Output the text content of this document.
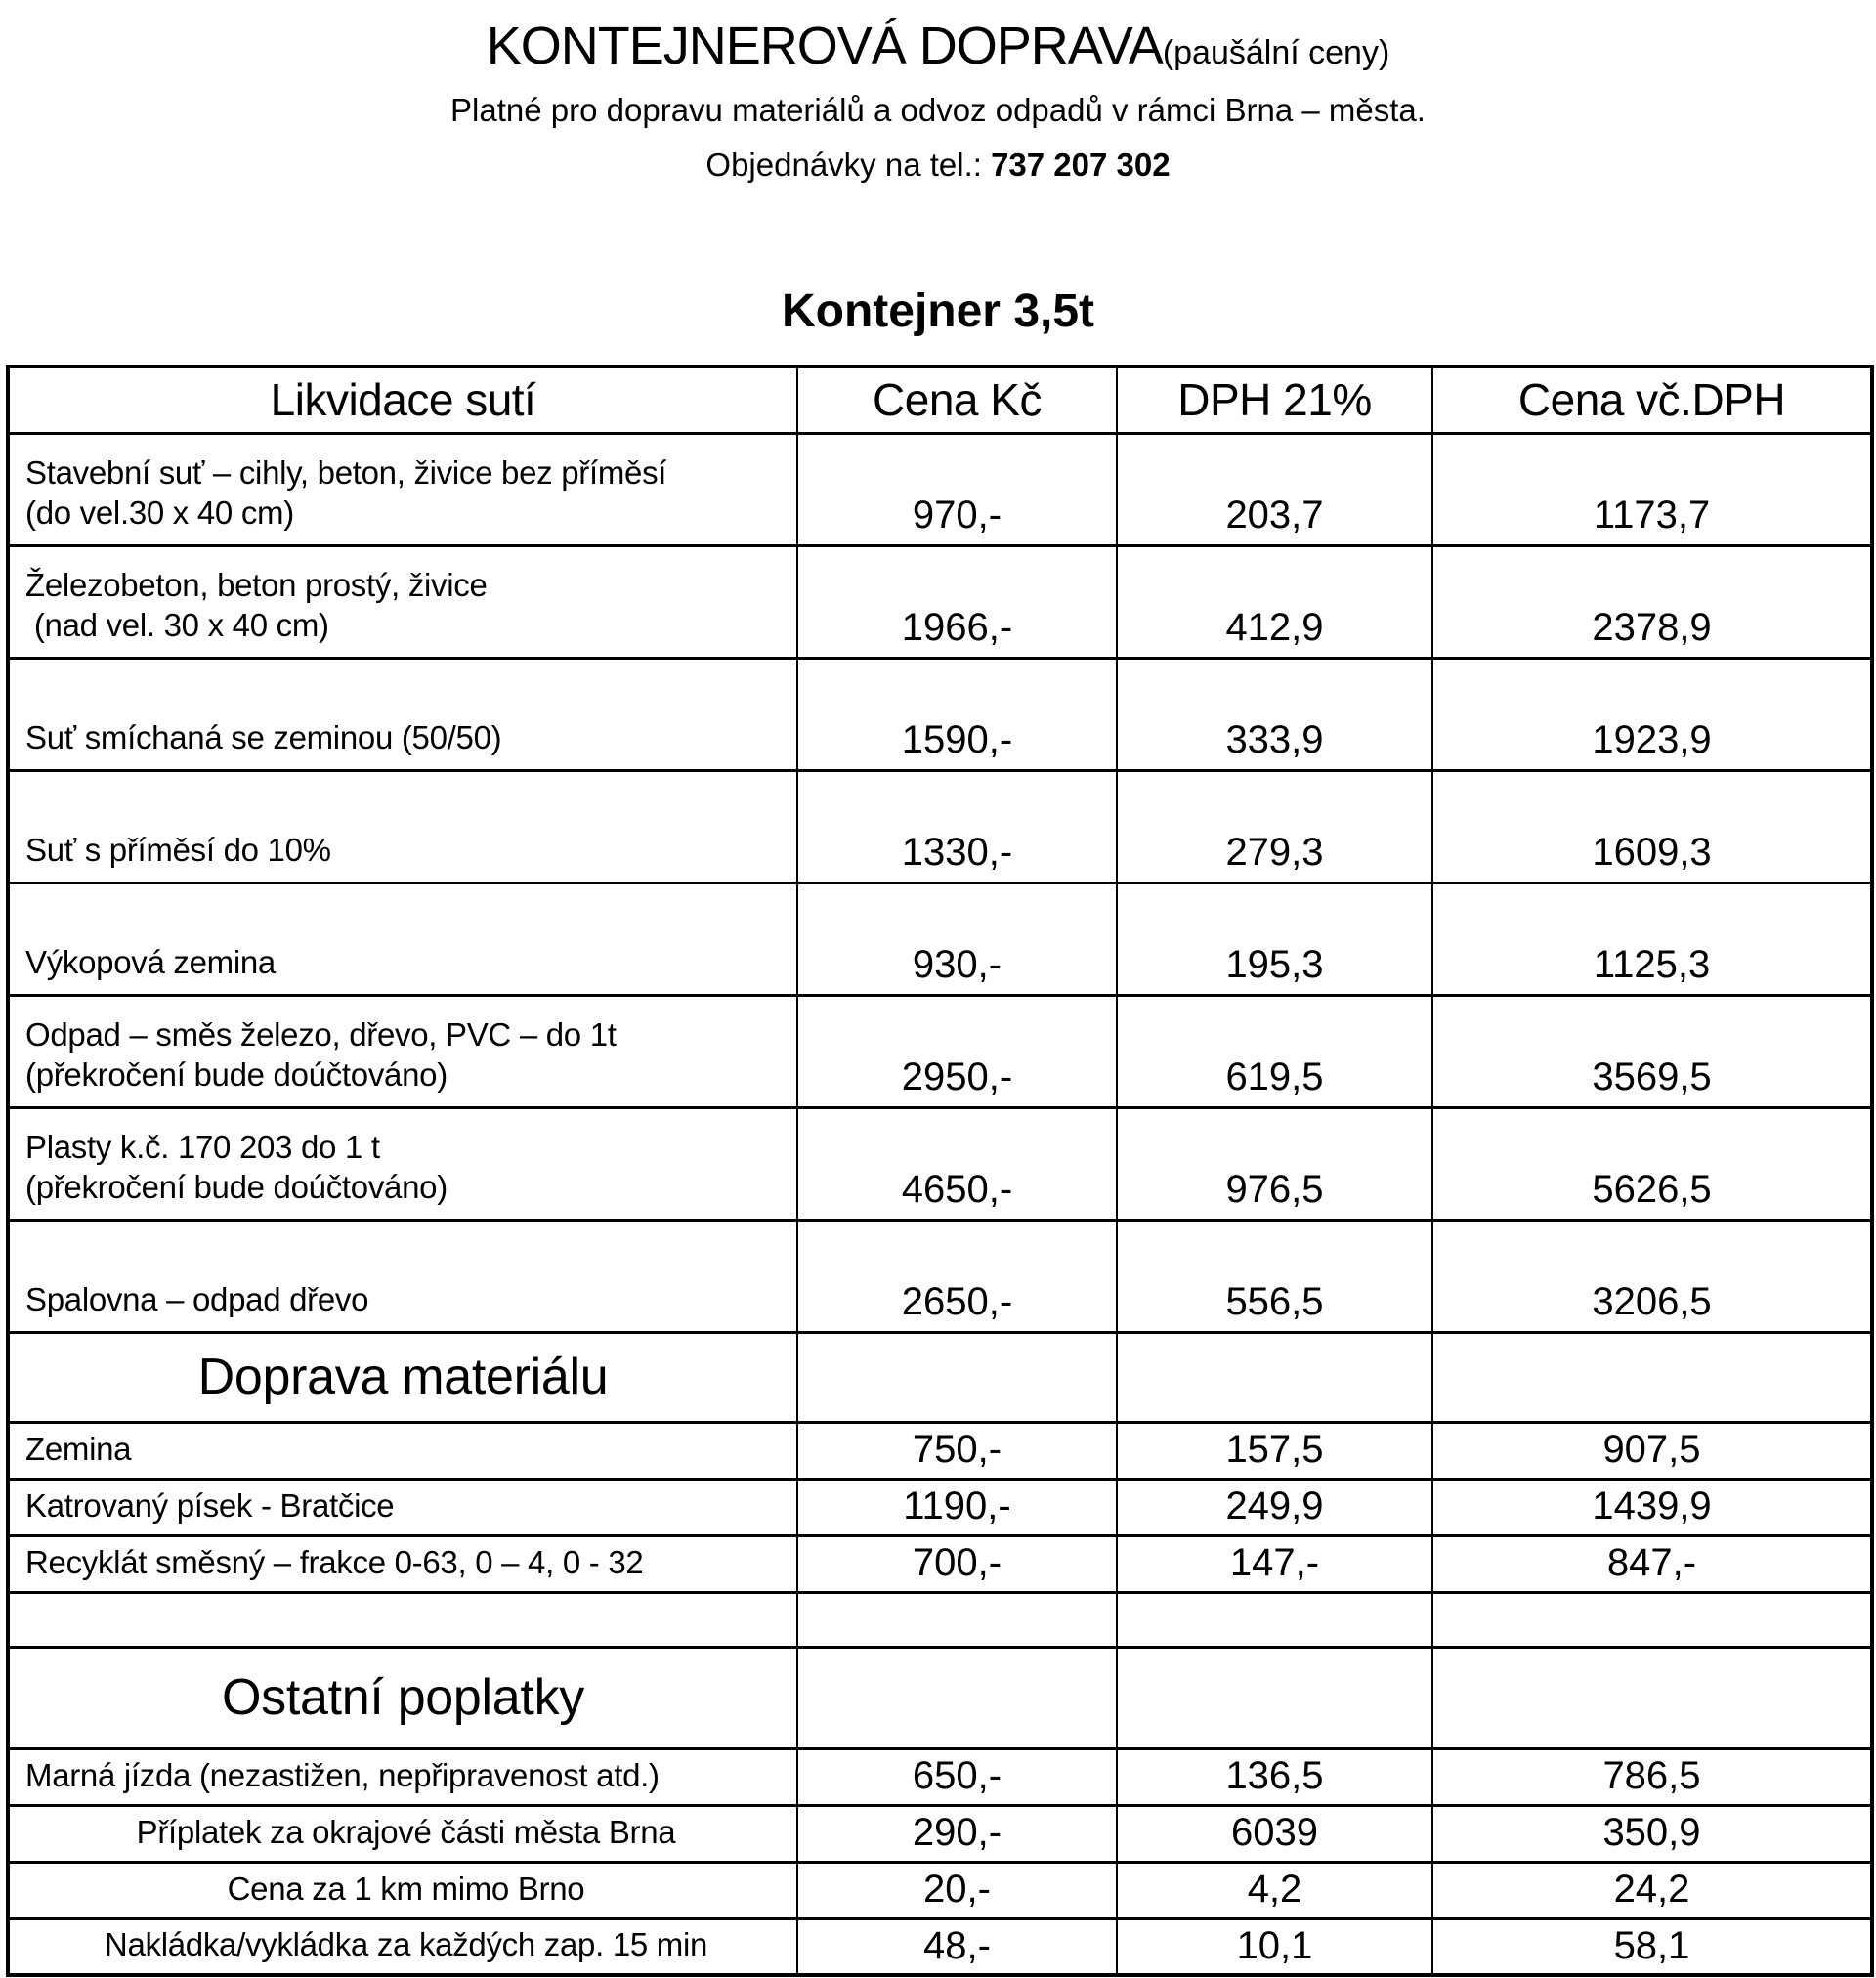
KONTEJNEROVÁ DOPRAVA(paušální ceny)
Platné pro dopravu materiálů a odvoz odpadů v rámci Brna – města.
Objednávky na tel.: 737 207 302
Kontejner 3,5t
Likvidace sutí	Cena Kč	DPH 21%	Cena vč.DPH

Stavební suť – cihly, beton, živice bez příměsí
(do vel.30 x 40 cm)	970,-	203,7	1173,7

Železobeton, beton prostý, živice
(nad vel. 30 x 40 cm)	1966,-	412,9	2378,9

Suť smíchaná se zeminou (50/50)	1590,-	333,9	1923,9

Suť s příměsí do 10%	1330,-	279,3	1609,3

Výkopová zemina	930,-	195,3	1125,3

Odpad – směs železo, dřevo, PVC – do 1t
(překročení bude doúčtováno)	2950,-	619,5	3569,5

Plasty k.č. 170 203 do 1 t
(překročení bude doúčtováno)	4650,-	976,5	5626,5

Spalovna – odpad dřevo	2650,-	556,5	3206,5
Doprava materiálu			

Zemina	750,-	157,5	907,5

Katrovaný písek - Bratčice	1190,-	249,9	1439,9

Recyklát směsný – frakce 0-63, 0 – 4, 0 - 32	700,-	147,-	847,-

Ostatní poplatky			

Marná jízda (nezastižen, nepřipravenost atd.)	650,-	136,5	786,5

Příplatek za okrajové části města Brna	290,-	6039	350,9

Cena za 1 km mimo Brno	20,-	4,2	24,2

Nakládka/vykládka za každých zap. 15 min	48,-	10,1	58,1
